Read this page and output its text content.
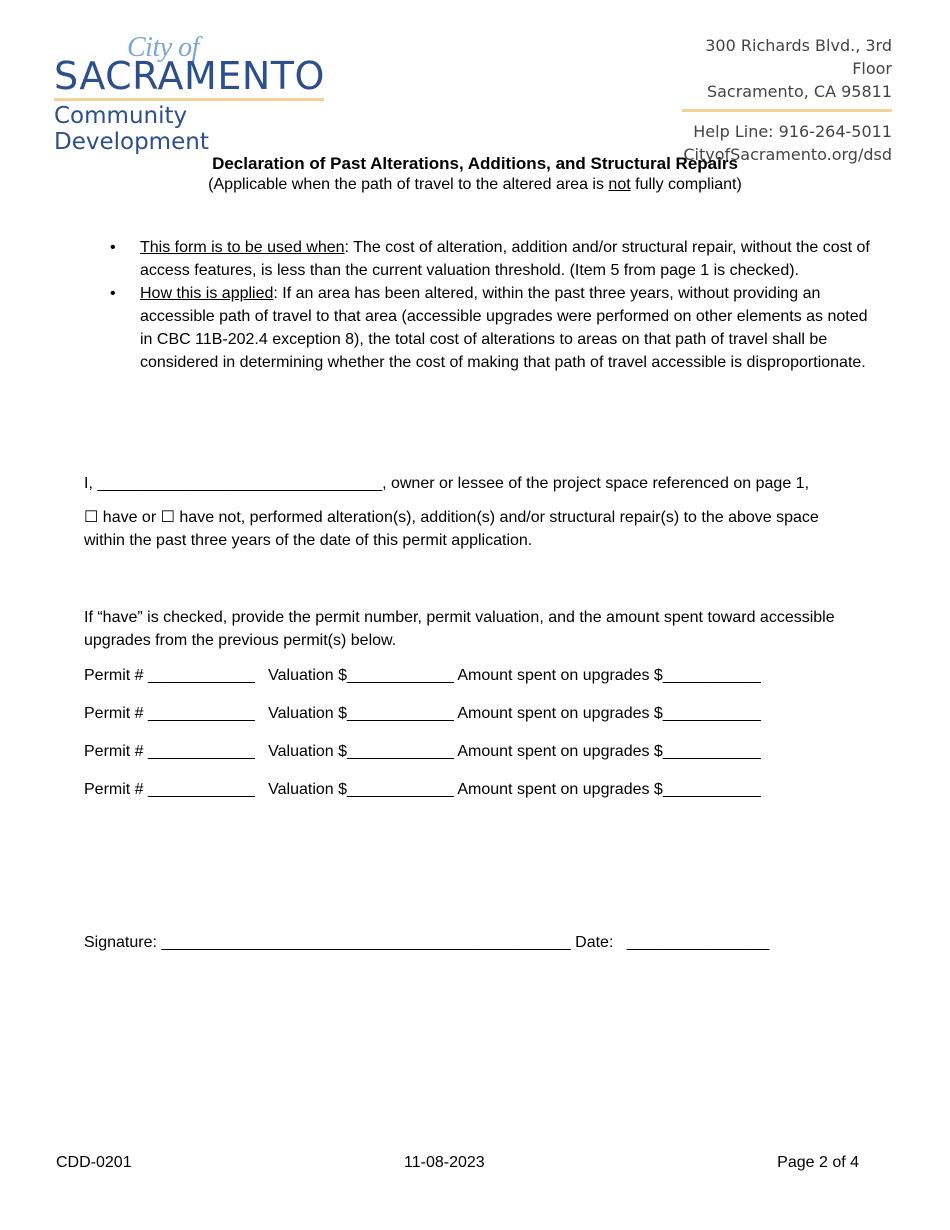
City of
SACRAMENTO
Community Development
300 Richards Blvd., 3rd Floor
Sacramento, CA 95811
Help Line: 916-264-5011
CityofSacramento.org/dsd
Declaration of Past Alterations, Additions, and Structural Repairs
(Applicable when the path of travel to the altered area is not fully compliant)
• This form is to be used when: The cost of alteration, addition and/or structural repair, without the cost of access features, is less than the current valuation threshold. (Item 5 from page 1 is checked).
• How this is applied: If an area has been altered, within the past three years, without providing an accessible path of travel to that area (accessible upgrades were performed on other elements as noted in CBC 11B-202.4 exception 8), the total cost of alterations to areas on that path of travel shall be considered in determining whether the cost of making that path of travel accessible is disproportionate.
I, ________________________________, owner or lessee of the project space referenced on page 1,
☐ have or ☐ have not, performed alteration(s), addition(s) and/or structural repair(s) to the above space within the past three years of the date of this permit application.
If “have” is checked, provide the permit number, permit valuation, and the amount spent toward accessible upgrades from the previous permit(s) below.
Permit # ____________   Valuation $____________ Amount spent on upgrades $___________
Permit # ____________   Valuation $____________ Amount spent on upgrades $___________
Permit # ____________   Valuation $____________ Amount spent on upgrades $___________
Permit # ____________   Valuation $____________ Amount spent on upgrades $___________
Signature: ______________________________________________ Date:   ________________
CDD-0201	11-08-2023	Page 2 of 4
